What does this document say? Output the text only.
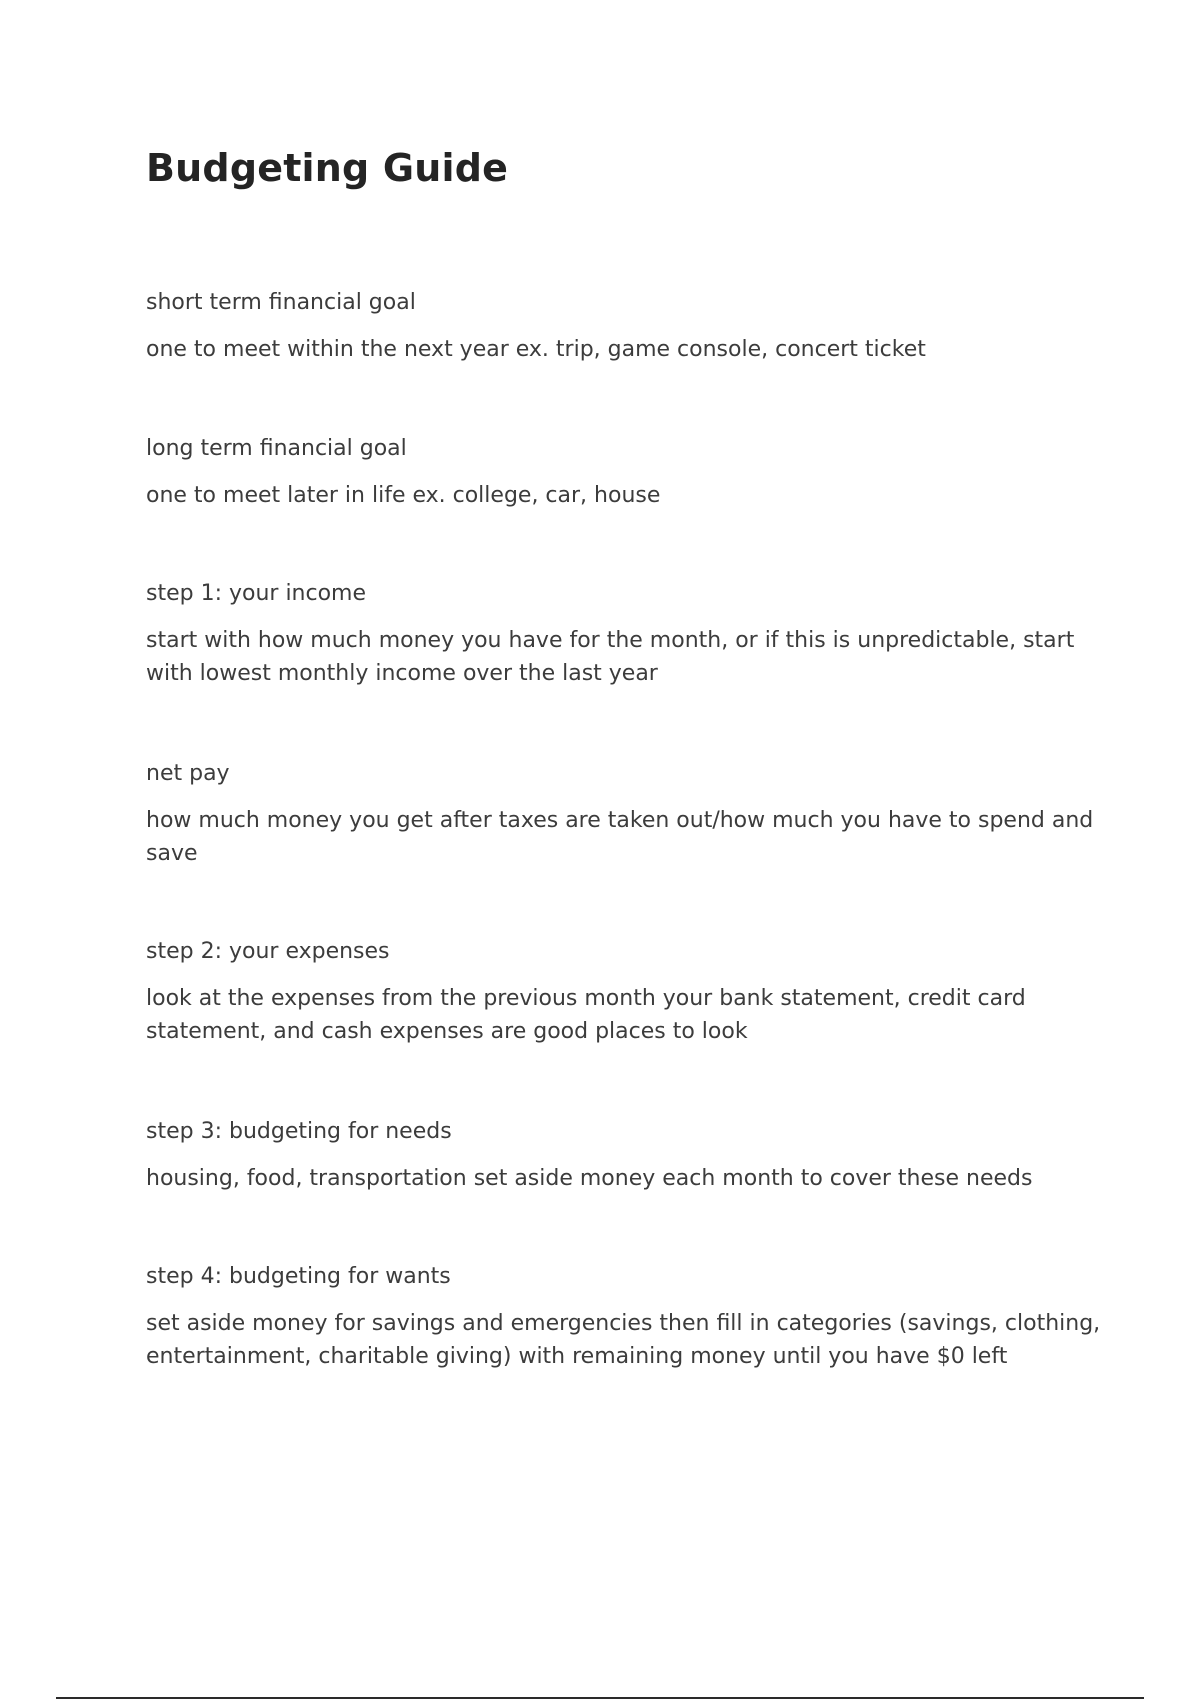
Budgeting Guide

short term financial goal

one to meet within the next year ex. trip, game console, concert ticket

long term financial goal

one to meet later in life ex. college, car, house

step 1: your income

start with how much money you have for the month, or if this is unpredictable, start with lowest monthly income over the last year

net pay

how much money you get after taxes are taken out/how much you have to spend and save

step 2: your expenses

look at the expenses from the previous month your bank statement, credit card statement, and cash expenses are good places to look

step 3: budgeting for needs

housing, food, transportation set aside money each month to cover these needs

step 4: budgeting for wants

set aside money for savings and emergencies then fill in categories (savings, clothing, entertainment, charitable giving) with remaining money until you have $0 left
